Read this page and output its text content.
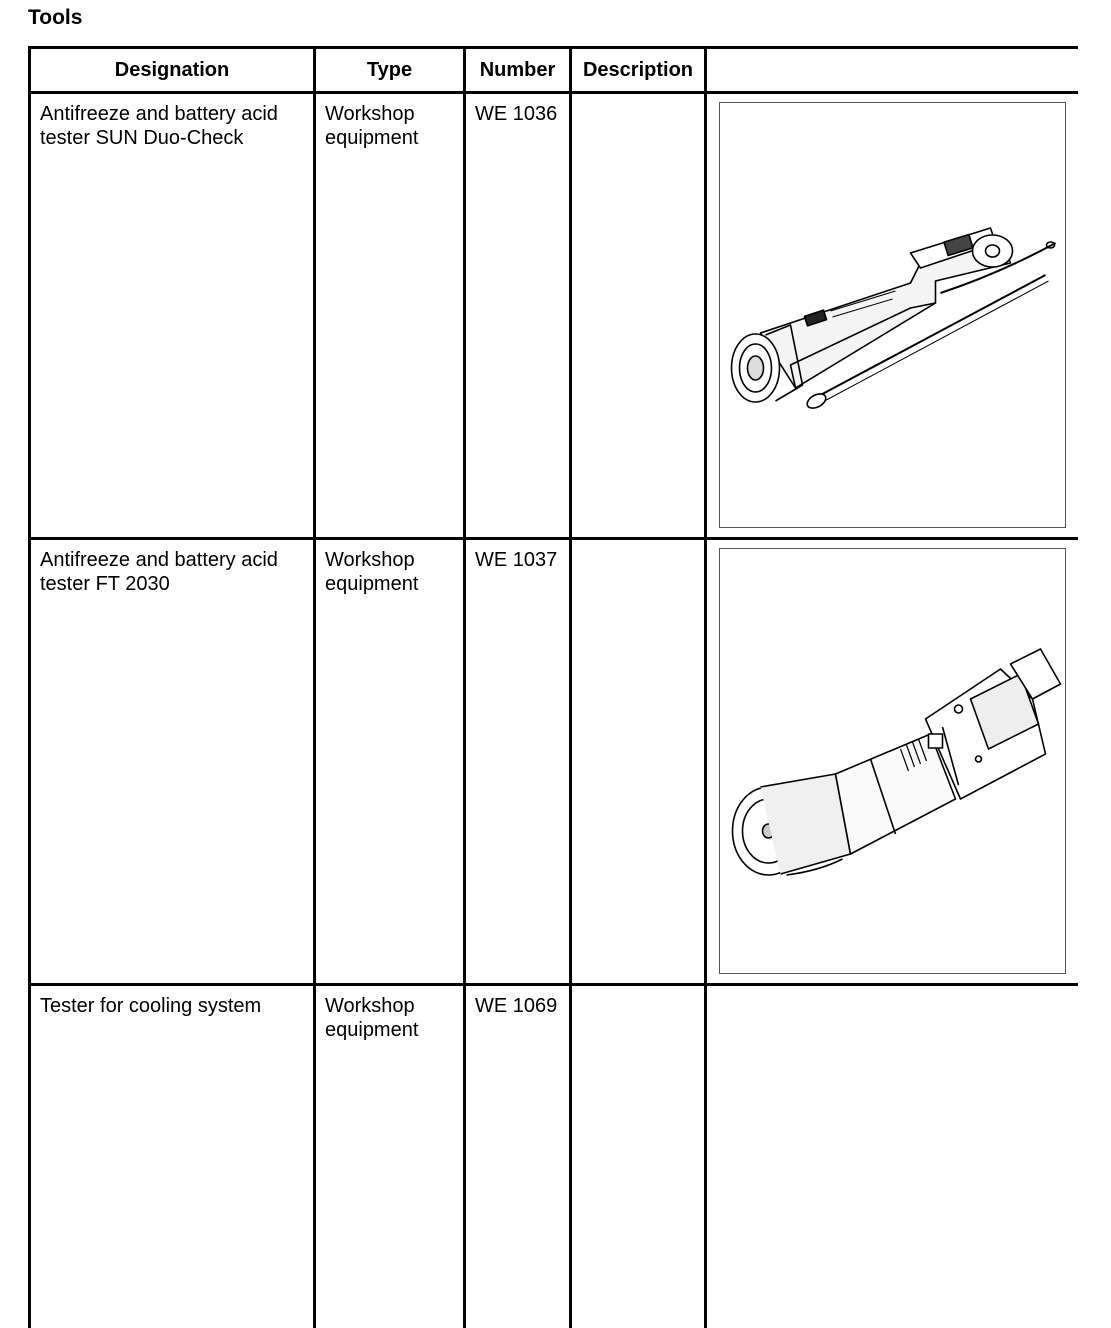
Tools
Designation	Type	Number	Description	

Antifreeze and battery acid tester SUN Duo-Check	Workshop equipment	WE 1036

Antifreeze and battery acid tester FT 2030	Workshop equipment	WE 1037

Tester for cooling system	Workshop equipment	WE 1069		
